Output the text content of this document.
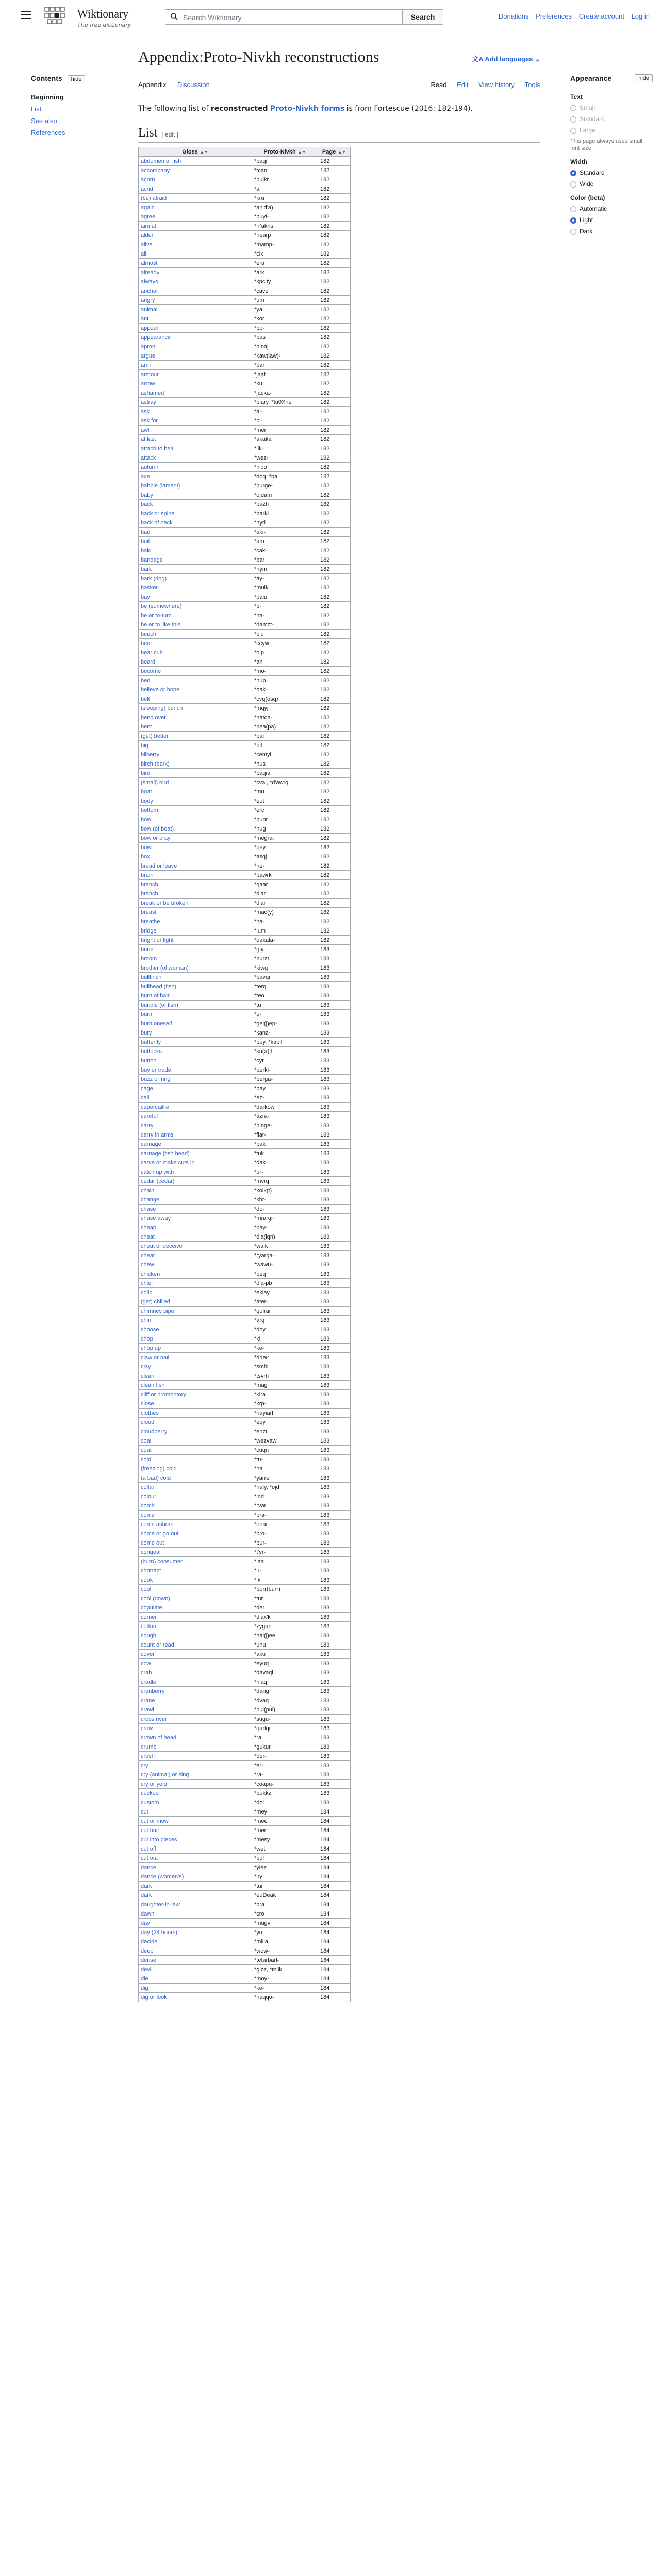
Wiktionary
The free dictionary
Search Wiktionary
Search	Donations Preferences Create account Log in
Contents hide
Beginning
List
See also
References
Appendix:Proto-Nivkh reconstructions	文A Add languages ⌄
Appendix Discussion	Read Edit View history Tools
The following list of reconstructed Proto-Nivkh forms is from Fortescue (2016: 182-194).
List [ edit ]
Gloss ▲▼	Proto-Nivkh ▲▼	Page ▲▼
abdomen of fish	*baqi	182
accompany	*tcan	182
acorn	*bulkr	182
acrid	*a	182
(be) afraid	*kru	182
again	*an'd'a)	182
agree	*buyl-	182
aim at	*rr'akhs	182
alder	*hearp	182
alive	*mamp-	182
all	*cik	182
almost	*era	182
already	*ark	182
always	*kpcity	182
anchor	*cave	182
angry	*um	182
animal	*ya	182
ant	*kor	182
appear	*bo-	182
appearance	*bas	182
apron	*pinaj	182
argue	*kaw(law)-	182
arm	*bar	182
armour	*jaat	182
arrow	*ku	182
ashamed	*jacka-	182
astray	*blary, *tu0Xne	182
ask	*ai-	182
ask for	*bi-	182
awl	*mer	182
at last	*akaka	182
attach to belt	*ilk-	182
attack	*wez-	182
autumn	*h'do	182
axe	*doq, *ba	182
babble (lament)	*purge-	182
baby	*ojdam	182
back	*pazh	182
back or spine	*parki	182
back of neck	*nyrl	182
bad	*akr-	182
bait	*am	182
bald	*cak-	182
bandage	*bar	182
bark	*nym	182
bark (dog)	*ay-	182
basket	*mulk	182
bay	*palu	182
be (somewhere)	*b-	182
be or to-turn	*ha-	182
be or to like this	*damzt-	182
beach	*b'u	182
bear	*ccyw	182
bear cub	*olp	182
beard	*an	182
become	*mo-	182
bed	*hup	182
believe or hope	*oak-	182
belt	*cvq(osq)	182
(sleeping) bench	*mqyj	182
bend over	*hatqa-	182
bent	*bea(pa)	182
(get) better	*pal	182
big	*pil	182
bilberry	*cemyi	182
birch (bark)	*hus	182
bird	*baqia	182
(small) bird	*cval, *d'awrq	182
boat	*mu	182
body	*eut	182
bottom	*erc	182
bow	*bunt	182
bow (of boat)	*nug	182
bow or pray	*megra-	182
bowl	*pey	182
box	*asqj	182
bread or leave	*he-	182
brain	*pawrk	182
branch	*qaar	182
branch	*d'ar	182
break or be broken	*d'ar	182
breast	*mac(y)	182
breathe	*ha-	182
bridge	*lum	182
bright or light	*oakala-	182
brine	*giy	183
broom	*burzt	183
brother (of woman)	*kiwq	183
bullfinch	*pavqi	183
bullhead (fish)	*terq	183
burn of hair	*teo	183
bundle (of fish)	*tu	183
burn	*u-	183
burn oneself	*gei(j)ep-	183
bury	*kanz-	183
butterfly	*puy, *kapili	183
buttocks	*su(a)lt	183
button	*cyr	183
buy or trade	*perki-	183
buzz or ring	*berga-	183
cage	*pay	183
call	*ez-	183
capercaillie	*darkow	183
careful	*azra-	183
carry	*pinge-	183
carry in arms	*fiar-	183
carriage	*pak	183
carriage (fish head)	*tuk	183
carve or make cuts in	*dak-	183
catch up with	*ur-	183
cedar (cedar)	*mvrq	183
chain	*kolk(t)	183
change	*kbr-	183
chase	*do-	183
chase away	*mrargi-	183
cheap	*pay-	183
cheat	*d'a(lqn)	183
cheat or deceive	*walk	183
cheat	*ryarga-	183
chew	*wawu-	183
chicken	*peq	183
chief	*d'a-pb	183
child	*eklay	183
(get) chilled	*ater-	183
chimney pipe	*qulrai	183
chin	*arq	183
choose	*doy	183
chop	*kii	183
chop up	*ke-	183
claw or nail	*ddeir	183
clay	*smhl	183
clean	*tsvrh	183
clean fish	*mag	183
cliff or promontory	*kira	183
close	*krp-	183
clothes	*hayiarl	183
cloud	*eqy	183
cloudberry	*enzt	183
coal	*wezvaw	183
coat	*cuqn	183
cold	*tu-	183
(freezing) cold	*na	183
(a bad) cold	*yarre	183
collar	*haly, *ojd	183
colour	*ind	183
comb	*rvar	183
come	*pra-	183
come ashore	*onar	183
come or go out	*pro-	183
come out	*pur-	183
congeal	*t'yr-	183
(burn) consumer	*laa	183
contract	*u-	183
cook	*ik	183
cool	*burr(burr)	183
cool (down)	*tur	183
copulate	*der	183
corner	*d'ax'k	183
cotton	*zygan	183
cough	*hai(j)ee	183
count or read	*unu	183
cover	*aku	183
cow	*eyuq	183
crab	*davaqi	183
cradle	*h'aq	183
cranberry	*dang	183
crane	*dvaq	183
crawl	*pul(pul)	183
cross river	*sugu-	183
crow	*qarlqi	183
crown of head	*ra	183
crumb	*gukur	183
crush	*ber-	183
cry	*er-	183
cry (animal) or sing	*ra-	183
cry or yelp	*coapu-	183
cuckoo	*bukkz	183
custom	*dol	183
cut	*mey	184
cut or mow	*mee	184
cut hair	*merr	184
cut into pieces	*mesy	184
cut off	*wet	184
cut out	*pul	184
dance	*ylez	184
dance (women's)	*iry	184
dark	*tur	184
dark	*euDeak	184
daughter-in-law	*pra	184
dawn	*cro	184
day	*mugv	184
day (24 hours)	*yo	184
decide	*milla	184
deep	*wow-	184
dense	*tetarbarl-	184
devil	*gizz, *milk	184
die	*moy-	184
dig	*ke-	184
dig or look	*haqqo-	184
Appearance	hide
Text
Small
Standard
Large
This page always uses small font size
Width
Standard
Wide
Color (beta)
Automatic
Light
Dark
